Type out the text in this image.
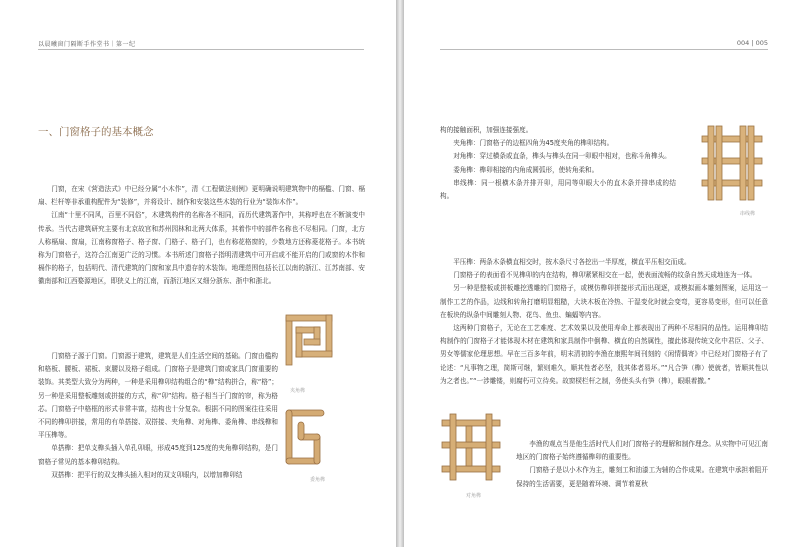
以晨曦窗门隔断手作堂书｜第一纪
一、门窗格子的基本概念

门窗，在宋《营造法式》中已经分属“小木作”，清《工程做法则例》更明确说明建筑物中的槅槛、门窗、槅扇、栏杆等非承重构配件为“装修”，并将设计、制作和安装这些木装的行业为“装饰木作”。

江南“十里不同风，百里不同俗”，木建筑构件的名称各不相同，而历代建筑著作中，其称呼也在不断演变中传承。当代古建筑研究主要有北京故宫和苏州园林和北两大体系，其着作中的部件名称也不尽相同。门窗，北方人称槅扇、窗扇，江南称窗格子、格子窗、门格子、格子门，也有称花格窗的，少数地方还称菱花格子。本书统称为门窗格子，这符合江南更广泛的习惯。本书所述门窗格子指明清建筑中可开启或不能开启的门或窗的木作和槅作的格子，包括明代、清代建筑的门窗和家具中遗存的木装饰。地理范围包括长江以南的浙江、江苏南部、安徽南部和江西婺源地区，即狭义上的江南，而浙江地区又细分浙东、浙中和浙北。

门窗格子源于门窗。门窗源于建筑，建筑是人们生活空间的基础。门窗由槛构和格板、腰板、裙板、束腰以及格子组成。门窗格子是建筑门窗或家具门窗重要的装饰。其类型大致分为两种，一种是采用榫卯结构组合的“榫”结构拼合，称“格”；另一种是采用整板雕刻或拼接的方式，称“卯”结构。格子相当于门窗的帘，称为格芯。门窗格子中格框的形式非常丰富，结构也十分复杂。根据不同的图案往往采用不同的榫卯拼接，常用的有单搭接、双搭接、夹角榫、对角榫、委角榫、串线榫和平压榫等。

单搭榫：把单支榫头插入单孔卯眼，形成45度到125度的夹角榫卯结构，是门窗格子常见的基本榫卯结构。

双搭榫：把平行的双支榫头插入相对的双支卯眼内，以增加榫卯结

夹角榫
委角榫
004 | 005

构的接触面积，加强连接强度。

夹角榫：门窗格子的边框四角为45度夹角的榫卯结构。

对角榫：穿过横条或直条，榫头与榫头在同一卯眼中相对，也称斗角榫头。

委角榫：榫卯相接的内角成圆弧形，使转角柔和。

串线榫：同一根横木条并排开卯，用同等卯眼大小的直木条并排串成的结构。

平压榫：两条木条横直相交时，按木条尺寸各挖出一半厚度，横直平压相交而成。

门窗格子的表面看不见榫卯的内在结构，榫卯紧紧相交在一起，使表面流畅的纹条自然天成地连为一体。

另一种是整板或拼板雕挖透雕的门窗格子，或模仿榫卯拼接形式而出现逐，或模拟画本雕刻图案，运用这一制作工艺的作品，边线和转角打磨明显粗糙，大块木板在冷热、干湿变化时就会变弯，更容易变形，但可以任意在板块的纵条中间雕刻人物、花鸟、鱼虫、蝙蝠等内容。

这两种门窗格子，无论在工艺难度、艺术效果以及使用寿命上都表现出了两种不尽相同的品性。运用榫卯结构制作的门窗格子才能体现木材在建筑和家具制作中倒榫、横直的自然属性，擅此体现传统文化中君臣、父子、男女等儒家伦理思想。早在三百多年前，明末清初的李渔在康熙年间刊刻的《闲情偶寄》中已经对门窗格子有了论述：“凡事物之理，简斯可继，繁则难久，顺其性者必坚，戕其体者易坏。”“凡合笋（榫）使就者，皆顺其性以为之者也。”“一涉雕镂，则腐朽可立待矣。故窗棂栏杆之制，务使头头有笋（榫），眼眼着撒。”

李渔的观点当是他生活时代人们对门窗格子的理解和制作理念。从实物中可见江南地区的门窗格子始终遵循榫卯的重要性。

门窗格子是以小木作为主，雕刻工和油漆工为辅的合作成果。在建筑中承担着阻开保持的生活需要，更是随着环境、调节着夏秋

串线榫
对角榫
